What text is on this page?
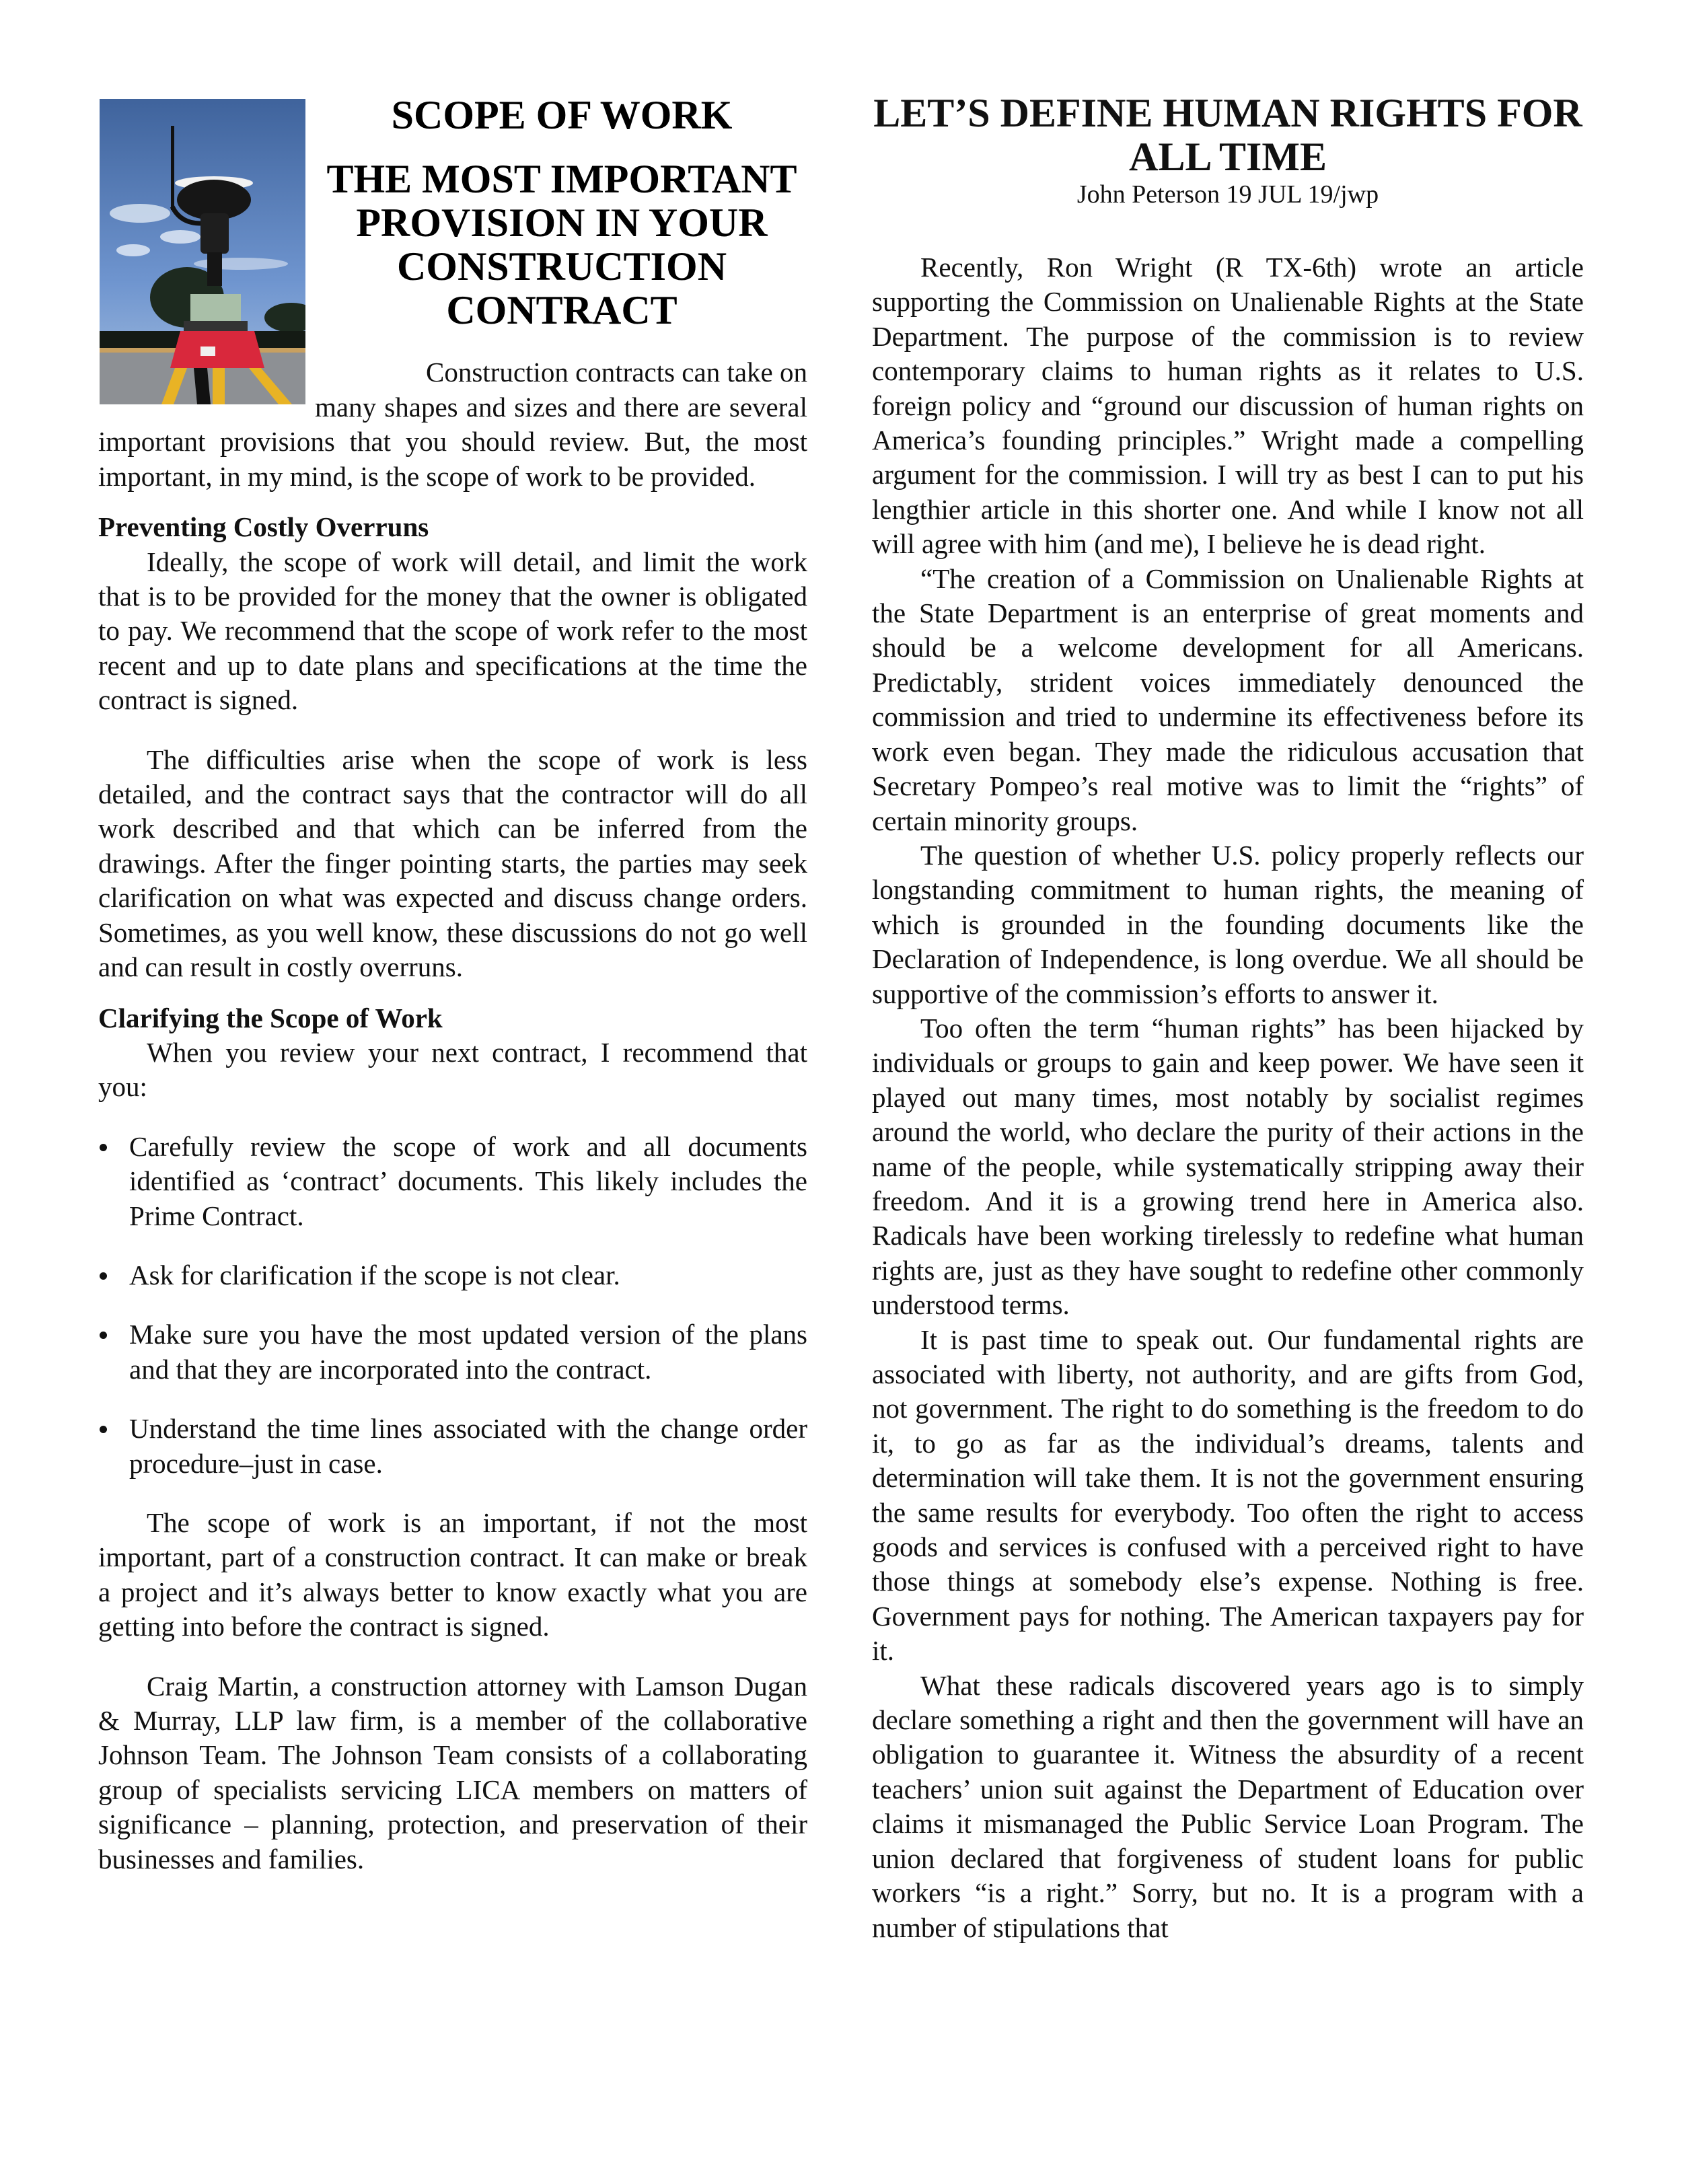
SCOPE OF WORK

THE MOST IMPORTANT PROVISION IN YOUR CONSTRUCTION CONTRACT

Construction contracts can take on

many shapes and sizes and there are several important provisions that you should review. But, the most important, in my mind, is the scope of work to be provided.

Preventing Costly Overruns

Ideally, the scope of work will detail, and limit the work that is to be provided for the money that the owner is obligated to pay. We recommend that the scope of work refer to the most recent and up to date plans and specifications at the time the contract is signed.

The difficulties arise when the scope of work is less detailed, and the contract says that the contractor will do all work described and that which can be inferred from the drawings. After the finger pointing starts, the parties may seek clarification on what was expected and discuss change orders. Sometimes, as you well know, these discussions do not go well and can result in costly overruns.

Clarifying the Scope of Work

When you review your next contract, I recommend that you:

Carefully review the scope of work and all documents identified as ‘contract’ documents. This likely includes the Prime Contract.
Ask for clarification if the scope is not clear.
Make sure you have the most updated version of the plans and that they are incorporated into the contract.
Understand the time lines associated with the change order procedure–just in case.

The scope of work is an important, if not the most important, part of a construction contract. It can make or break a project and it’s always better to know exactly what you are getting into before the contract is signed.

Craig Martin, a construction attorney with Lamson Dugan & Murray, LLP law firm, is a member of the collaborative Johnson Team. The Johnson Team consists of a collaborating group of specialists servicing LICA members on matters of significance – planning, protection, and preservation of their businesses and families.

LET’S DEFINE HUMAN RIGHTS FOR ALL TIME

John Peterson 19 JUL 19/jwp

Recently, Ron Wright (R TX-6th) wrote an article supporting the Commission on Unalienable Rights at the State Department. The purpose of the commission is to review contemporary claims to human rights as it relates to U.S. foreign policy and “ground our discussion of human rights on America’s founding principles.” Wright made a compelling argument for the commission. I will try as best I can to put his lengthier article in this shorter one. And while I know not all will agree with him (and me), I believe he is dead right.

“The creation of a Commission on Unalienable Rights at the State Department is an enterprise of great moments and should be a welcome development for all Americans. Predictably, strident voices immediately denounced the commission and tried to undermine its effectiveness before its work even began. They made the ridiculous accusation that Secretary Pompeo’s real motive was to limit the “rights” of certain minority groups.

The question of whether U.S. policy properly reflects our longstanding commitment to human rights, the meaning of which is grounded in the founding documents like the Declaration of Independence, is long overdue. We all should be supportive of the commission’s efforts to answer it.

Too often the term “human rights” has been hijacked by individuals or groups to gain and keep power. We have seen it played out many times, most notably by socialist regimes around the world, who declare the purity of their actions in the name of the people, while systematically stripping away their freedom. And it is a growing trend here in America also. Radicals have been working tirelessly to redefine what human rights are, just as they have sought to redefine other commonly understood terms.

It is past time to speak out. Our fundamental rights are associated with liberty, not authority, and are gifts from God, not government. The right to do something is the freedom to do it, to go as far as the individual’s dreams, talents and determination will take them. It is not the government ensuring the same results for everybody. Too often the right to access goods and services is confused with a perceived right to have those things at somebody else’s expense. Nothing is free. Government pays for nothing. The American taxpayers pay for it.

What these radicals discovered years ago is to simply declare something a right and then the government will have an obligation to guarantee it. Witness the absurdity of a recent teachers’ union suit against the Department of Education over claims it mismanaged the Public Service Loan Program. The union declared that forgiveness of student loans for public workers “is a right.” Sorry, but no. It is a program with a number of stipulations that
